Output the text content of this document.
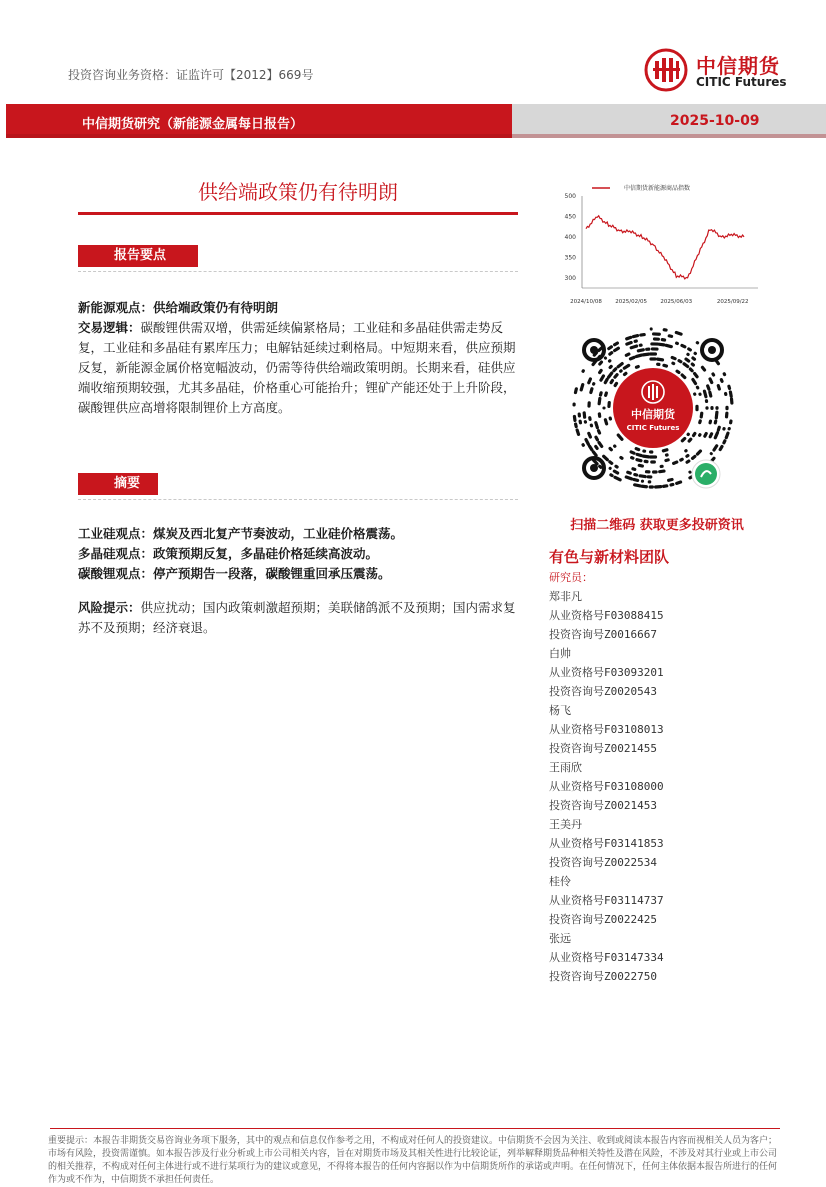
投资咨询业务资格：证监许可【2012】669号	中信期货
CITIC Futures
中信期货研究（新能源金属每日报告）	2025-10-09
供给端政策仍有待明朗
报告要点
新能源观点：供给端政策仍有待明朗
交易逻辑：碳酸锂供需双增，供需延续偏紧格局；工业硅和多晶硅供需走势反复，工业硅和多晶硅有累库压力；电解钴延续过剩格局。中短期来看，供应预期反复，新能源金属价格宽幅波动，仍需等待供给端政策明朗。长期来看，硅供应端收缩预期较强，尤其多晶硅，价格重心可能抬升；锂矿产能还处于上升阶段，碳酸锂供应高增将限制锂价上方高度。
摘要
工业硅观点：煤炭及西北复产节奏波动，工业硅价格震荡。
多晶硅观点：政策预期反复，多晶硅价格延续高波动。
碳酸锂观点：停产预期告一段落，碳酸锂重回承压震荡。
风险提示：供应扰动；国内政策刺激超预期；美联储鸽派不及预期；国内需求复苏不及预期；经济衰退。
中信期货新能源商品指数
300
350
400
450
500
2024/10/08 2025/02/05 2025/06/03	2025/09/22
中信期货
CITIC Futures
扫描二维码 获取更多投研资讯
有色与新材料团队
研究员：
郑非凡
从业资格号F03088415
投资咨询号Z0016667
白帅
从业资格号F03093201
投资咨询号Z0020543
杨飞
从业资格号F03108013
投资咨询号Z0021455
王雨欣
从业资格号F03108000
投资咨询号Z0021453
王美丹
从业资格号F03141853
投资咨询号Z0022534
桂伶
从业资格号F03114737
投资咨询号Z0022425
张远
从业资格号F03147334
投资咨询号Z0022750
重要提示：本报告非期货交易咨询业务项下服务，其中的观点和信息仅作参考之用，不构成对任何人的投资建议。中信期货不会因为关注、收到或阅读本报告内容而视相关人员为客户；市场有风险，投资需谨慎。如本报告涉及行业分析或上市公司相关内容，旨在对期货市场及其相关性进行比较论证，列举解释期货品种相关特性及潜在风险，不涉及对其行业或上市公司的相关推荐，不构成对任何主体进行或不进行某项行为的建议或意见，不得将本报告的任何内容据以作为中信期货所作的承诺或声明。在任何情况下，任何主体依据本报告所进行的任何作为或不作为，中信期货不承担任何责任。
